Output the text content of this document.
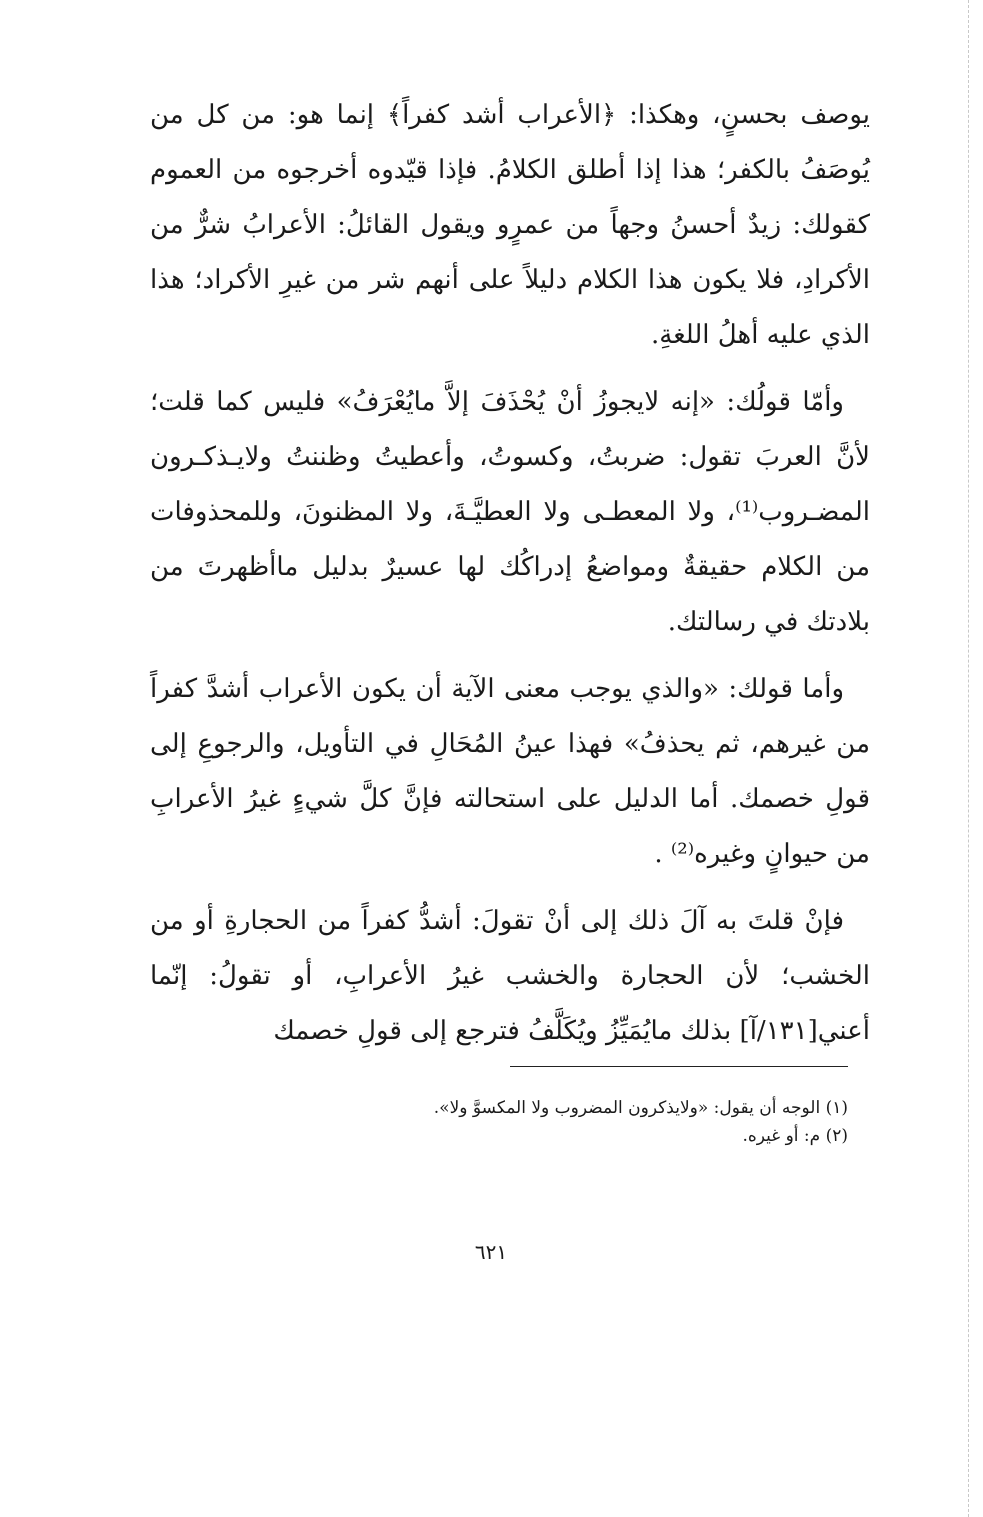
يوصف بحسنٍ، وهكذا: ﴿الأعراب أشد كفراً﴾ إنما هو: من كل من يُوصَفُ بالكفر؛ هذا إذا أطلق الكلامُ. فإذا قيّدوه أخرجوه من العموم كقولك: زيدٌ أحسنُ وجهاً من عمرٍو ويقول القائلُ: الأعرابُ شرٌّ من الأكرادِ، فلا يكون هذا الكلام دليلاً على أنهم شر من غيرِ الأكراد؛ هذا الذي عليه أهلُ اللغةِ.

وأمّا قولُك: «إنه لايجوزُ أنْ يُحْذَفَ إلاَّ مايُعْرَفُ» فليس كما قلت؛ لأنَّ العربَ تقول: ضربتُ، وكسوتُ، وأعطيتُ وظننتُ ولايـذكـرون المضـروب⁽¹⁾، ولا المعطـى ولا العطيَّـةَ، ولا المظنونَ، وللمحذوفات من الكلام حقيقةٌ ومواضعُ إدراكُك لها عسيرٌ بدليل ماأظهرتَ من بلادتك في رسالتك.

وأما قولك: «والذي يوجب معنى الآية أن يكون الأعراب أشدَّ كفراً من غيرهم، ثم يحذفُ» فهذا عينُ المُحَالِ في التأويل، والرجوعِ إلى قولِ خصمك. أما الدليل على استحالته فإنَّ كلَّ شيءٍ غيرُ الأعرابِ من حيوانٍ وغيره⁽²⁾ .

فإنْ قلتَ به آلَ ذلك إلى أنْ تقولَ: أشدُّ كفراً من الحجارةِ أو من الخشب؛ لأن الحجارة والخشب غيرُ الأعرابِ، أو تقولُ: إنّما أعني[١٣١/آ] بذلك مايُمَيِّزُ ويُكَلَّفُ فترجع إلى قولِ خصمك

(١) الوجه أن يقول: «ولايذكرون المضروب ولا المكسوَّ ولا».

(٢) م: أو غيره.

٦٢١
